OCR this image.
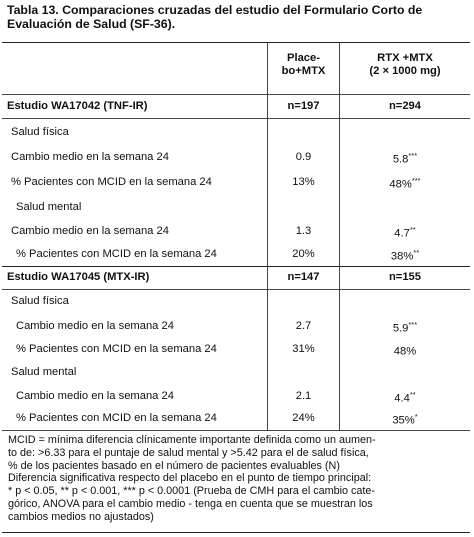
Tabla 13. Comparaciones cruzadas del estudio del Formulario Corto de Evaluación de Salud (SF-36).
Place-
bo+MTX
RTX +MTX
(2 × 1000 mg)
Estudio WA17042 (TNF-IR)	n=197	n=294
Salud física
Cambio medio en la semana 24	0.9	5.8***
% Pacientes con MCID en la semana 24	13%	48%***
Salud mental
Cambio medio en la semana 24	1.3	4.7**
% Pacientes con MCID en la semana 24	20%	38%**
Estudio WA17045 (MTX-IR)	n=147	n=155
Salud física
Cambio medio en la semana 24	2.7	5.9***
% Pacientes con MCID en la semana 24	31%	48%
Salud mental
Cambio medio en la semana 24	2.1	4.4**
% Pacientes con MCID en la semana 24	24%	35%*
MCID = mínima diferencia clínicamente importante definida como un aumen-
to de: >6.33 para el puntaje de salud mental y >5.42 para el de salud física,
% de los pacientes basado en el número de pacientes evaluables (N)
Diferencia significativa respecto del placebo en el punto de tiempo principal:
* p < 0.05, ** p < 0.001, *** p < 0.0001 (Prueba de CMH para el cambio cate-
górico, ANOVA para el cambio medio - tenga en cuenta que se muestran los
cambios medios no ajustados)
